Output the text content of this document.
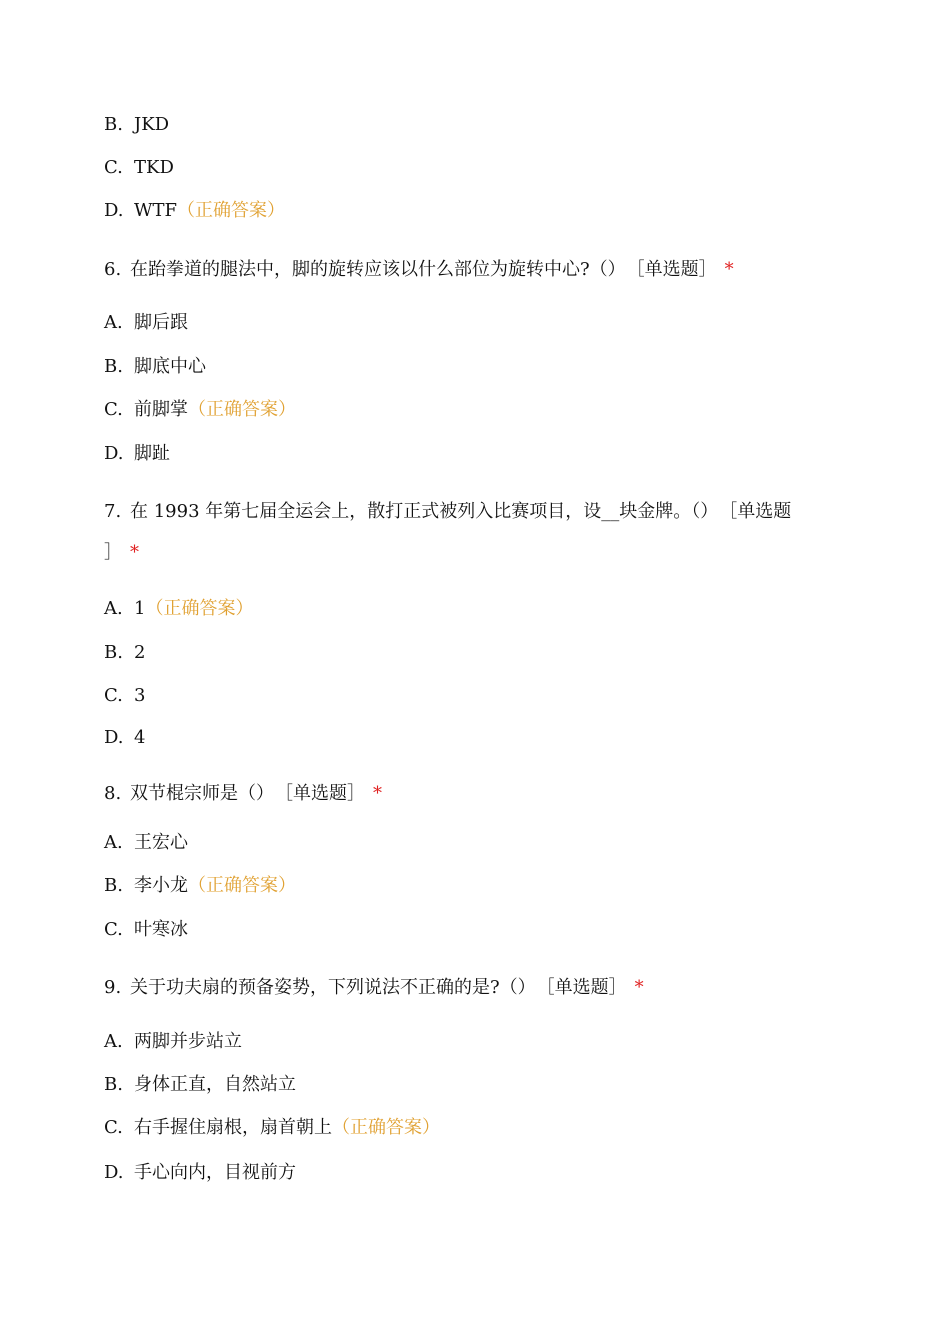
B. JKD
C. TKD
D. WTF（正确答案）
6. 在跆拳道的腿法中，脚的旋转应该以什么部位为旋转中心?（） ［单选题］ *
A. 脚后跟
B. 脚底中心
C. 前脚掌（正确答案）
D. 脚趾
7. 在 1993 年第七届全运会上，散打正式被列入比赛项目，设__块金牌。（） ［单选题
］ *
A. 1（正确答案）
B. 2
C. 3
D. 4
8. 双节棍宗师是（） ［单选题］ *
A. 王宏心
B. 李小龙（正确答案）
C. 叶寒冰
9. 关于功夫扇的预备姿势，下列说法不正确的是?（） ［单选题］ *
A. 两脚并步站立
B. 身体正直，自然站立
C. 右手握住扇根，扇首朝上（正确答案）
D. 手心向内，目视前方
